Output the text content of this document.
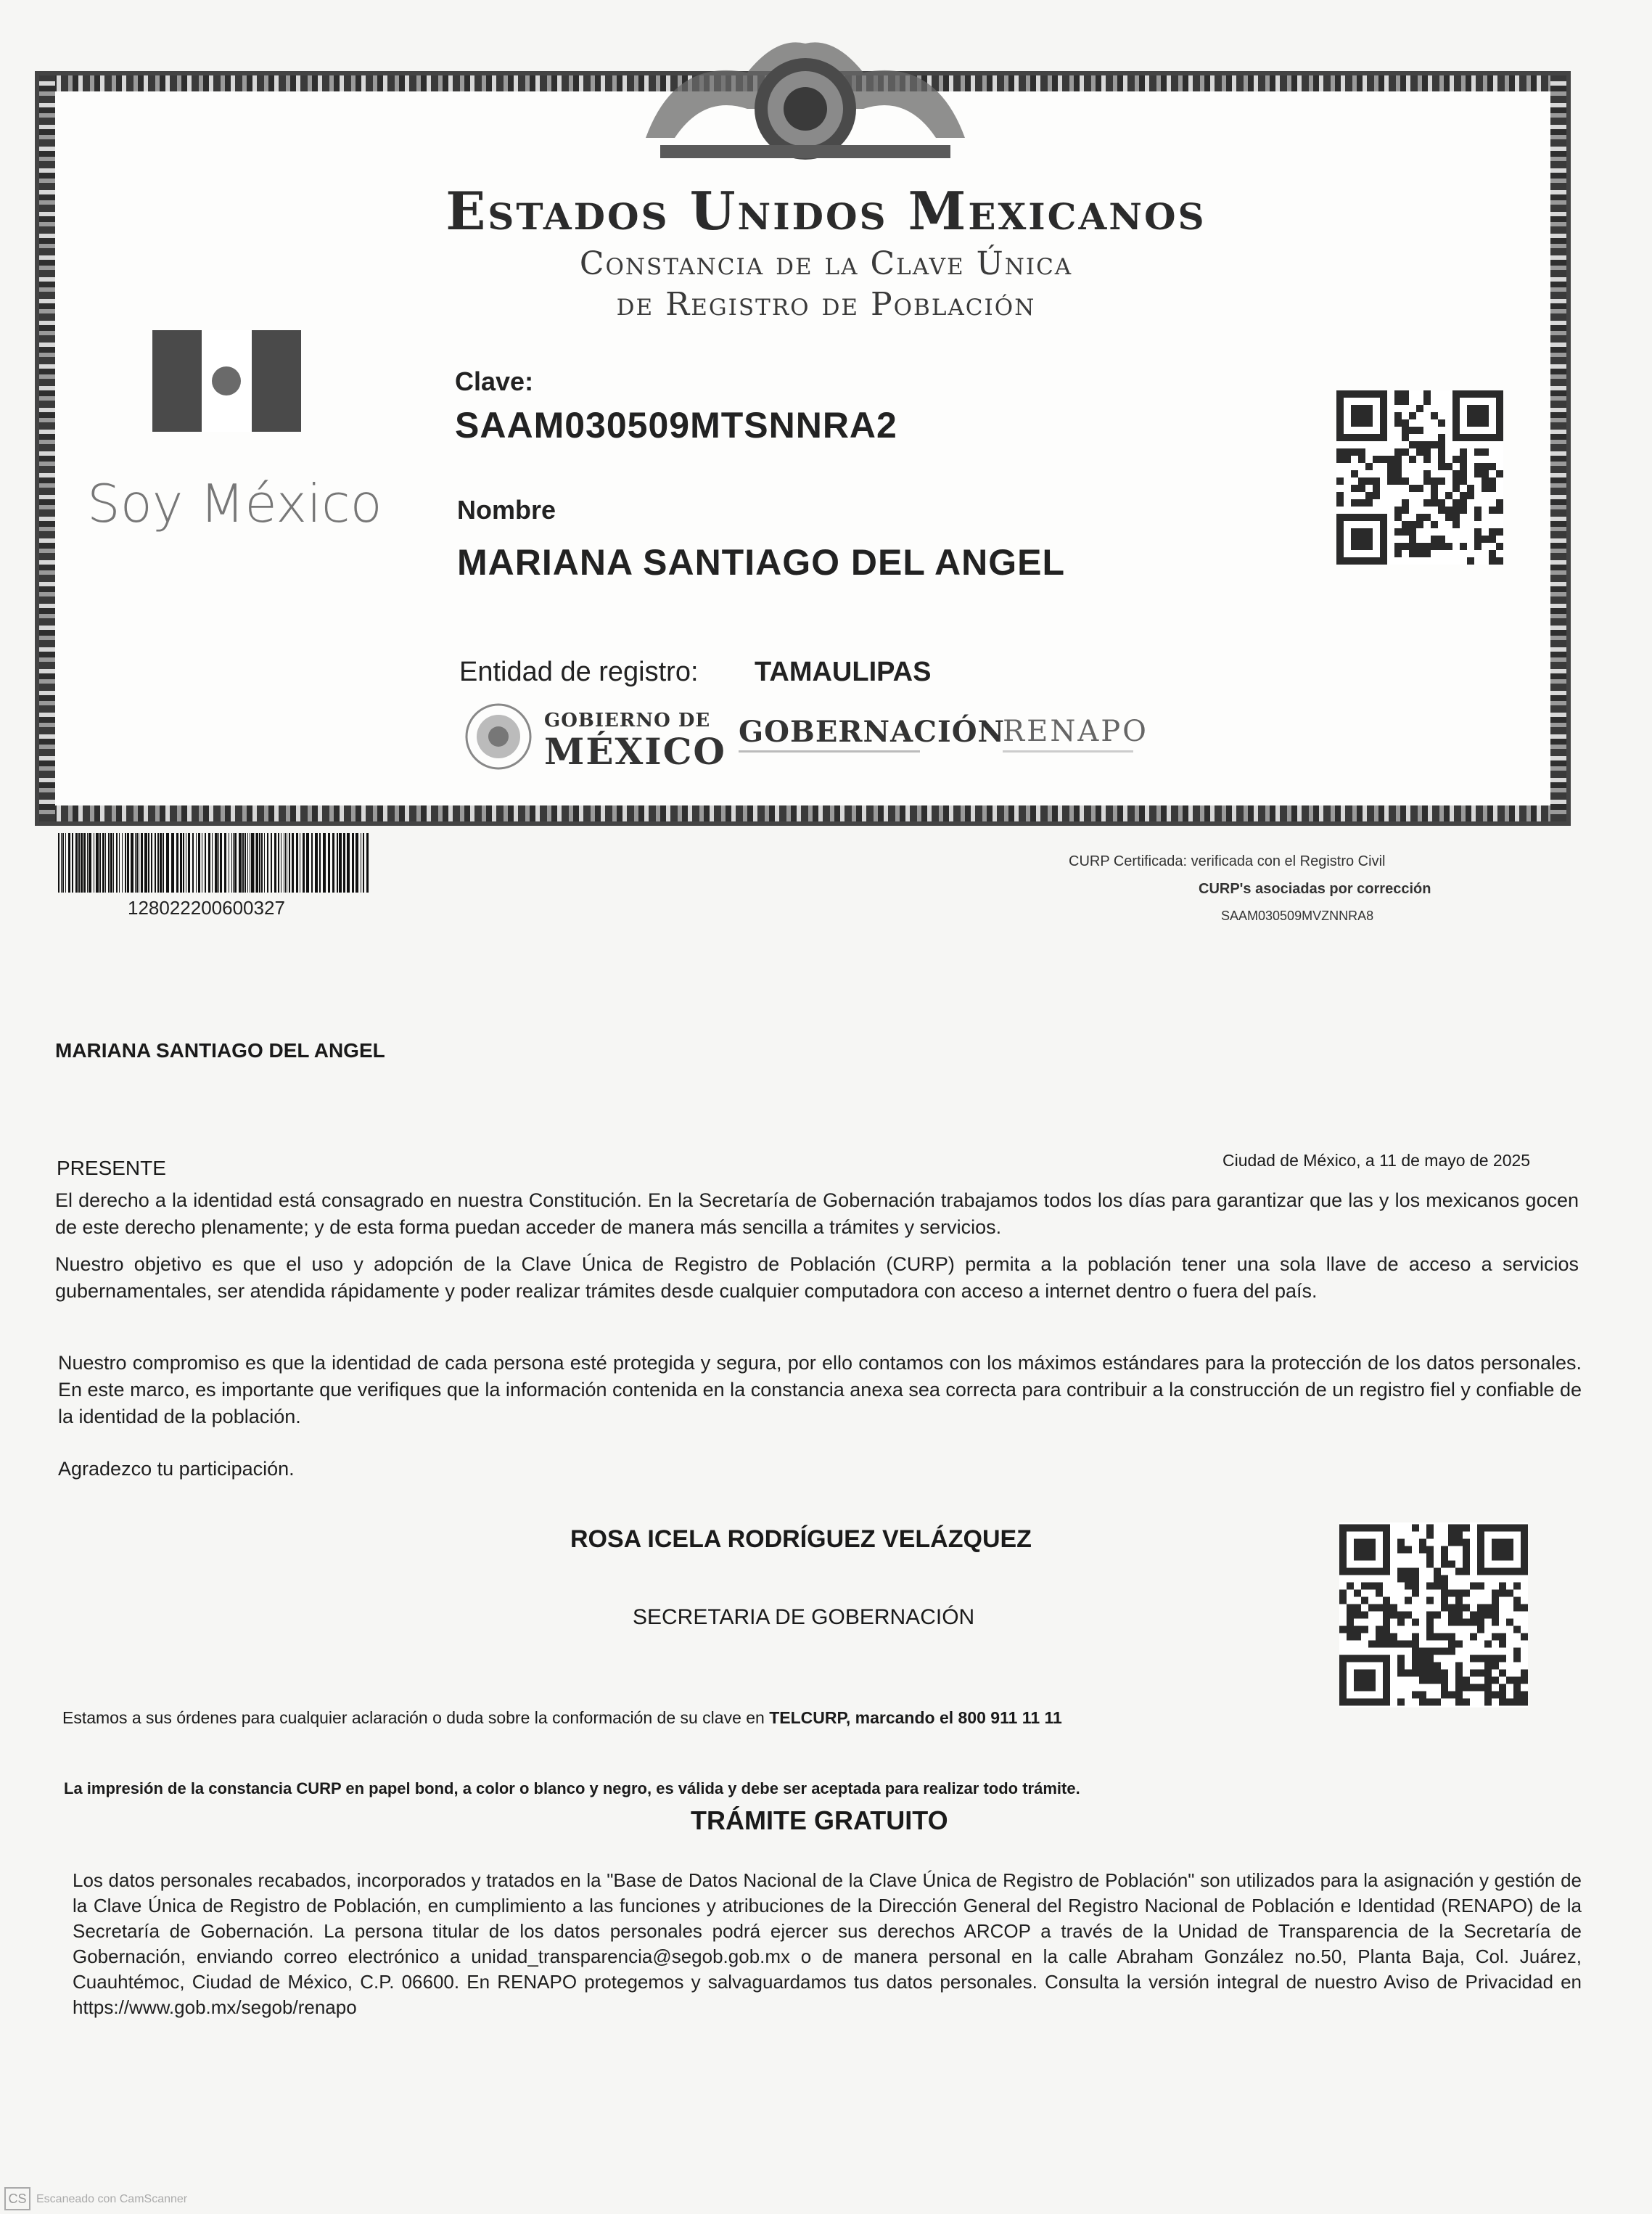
Estados Unidos Mexicanos
Constancia de la Clave Única
de Registro de Población
Soy México
Clave:
SAAM030509MTSNNRA2
Nombre
MARIANA SANTIAGO DEL ANGEL
Entidad de registro: TAMAULIPAS
GOBIERNO DE
MÉXICO GOBERNACIÓN
RENAPO
128022200600327
CURP Certificada: verificada con el Registro Civil
CURP's asociadas por corrección
SAAM030509MVZNNRA8
MARIANA SANTIAGO DEL ANGEL
PRESENTE	Ciudad de México, a 11 de mayo de 2025
El derecho a la identidad está consagrado en nuestra Constitución. En la Secretaría de Gobernación trabajamos todos los días para garantizar que las y los mexicanos gocen de este derecho plenamente; y de esta forma puedan acceder de manera más sencilla a trámites y servicios.
Nuestro objetivo es que el uso y adopción de la Clave Única de Registro de Población (CURP) permita a la población tener una sola llave de acceso a servicios gubernamentales, ser atendida rápidamente y poder realizar trámites desde cualquier computadora con acceso a internet dentro o fuera del país.
Nuestro compromiso es que la identidad de cada persona esté protegida y segura, por ello contamos con los máximos estándares para la protección de los datos personales. En este marco, es importante que verifiques que la información contenida en la constancia anexa sea correcta para contribuir a la construcción de un registro fiel y confiable de la identidad de la población.
Agradezco tu participación.
ROSA ICELA RODRÍGUEZ VELÁZQUEZ
SECRETARIA DE GOBERNACIÓN
Estamos a sus órdenes para cualquier aclaración o duda sobre la conformación de su clave en TELCURP, marcando el 800 911 11 11
La impresión de la constancia CURP en papel bond, a color o blanco y negro, es válida y debe ser aceptada para realizar todo trámite.
TRÁMITE GRATUITO
Los datos personales recabados, incorporados y tratados en la "Base de Datos Nacional de la Clave Única de Registro de Población" son utilizados para la asignación y gestión de la Clave Única de Registro de Población, en cumplimiento a las funciones y atribuciones de la Dirección General del Registro Nacional de Población e Identidad (RENAPO) de la Secretaría de Gobernación. La persona titular de los datos personales podrá ejercer sus derechos ARCOP a través de la Unidad de Transparencia de la Secretaría de Gobernación, enviando correo electrónico a unidad_transparencia@segob.gob.mx o de manera personal en la calle Abraham González no.50, Planta Baja, Col. Juárez, Cuauhtémoc, Ciudad de México, C.P. 06600. En RENAPO protegemos y salvaguardamos tus datos personales. Consulta la versión integral de nuestro Aviso de Privacidad en https://www.gob.mx/segob/renapo
CS Escaneado con CamScanner
